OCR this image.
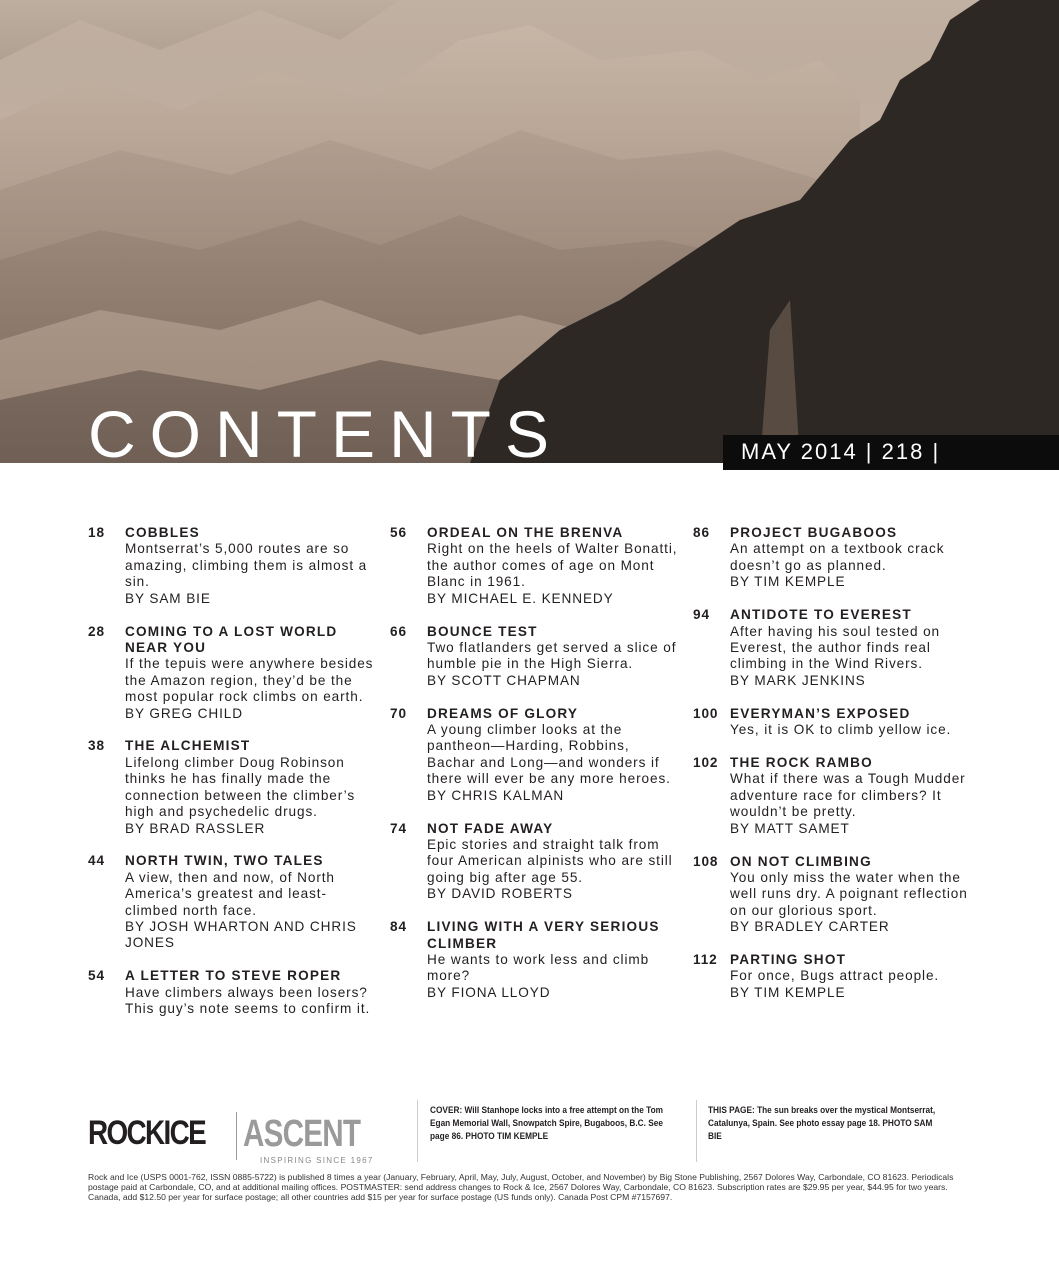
CONTENTS	MAY 2014 | 218 |
18	COBBLES
Montserrat’s 5,000 routes are so amazing, climbing them is almost a sin.
BY SAM BIE
28	COMING TO A LOST WORLD NEAR YOU
If the tepuis were anywhere besides the Amazon region, they’d be the most popular rock climbs on earth.
BY GREG CHILD
38	THE ALCHEMIST
Lifelong climber Doug Robinson thinks he has finally made the connection between the climber’s high and psychedelic drugs.
BY BRAD RASSLER
44	NORTH TWIN, TWO TALES
A view, then and now, of North America’s greatest and least-climbed north face.
BY JOSH WHARTON AND CHRIS JONES
54	A LETTER TO STEVE ROPER
Have climbers always been losers? This guy’s note seems to confirm it.
56	ORDEAL ON THE BRENVA
Right on the heels of Walter Bonatti, the author comes of age on Mont Blanc in 1961.
BY MICHAEL E. KENNEDY
66	BOUNCE TEST
Two flatlanders get served a slice of humble pie in the High Sierra.
BY SCOTT CHAPMAN
70	DREAMS OF GLORY
A young climber looks at the pantheon—Harding, Robbins, Bachar and Long—and wonders if there will ever be any more heroes.
BY CHRIS KALMAN
74	NOT FADE AWAY
Epic stories and straight talk from four American alpinists who are still going big after age 55.
BY DAVID ROBERTS
84	LIVING WITH A VERY SERIOUS CLIMBER
He wants to work less and climb more?
BY FIONA LLOYD
86	PROJECT BUGABOOS
An attempt on a textbook crack doesn’t go as planned.
BY TIM KEMPLE
94	ANTIDOTE TO EVEREST
After having his soul tested on Everest, the author finds real climbing in the Wind Rivers.
BY MARK JENKINS
100 EVERYMAN’S EXPOSED
Yes, it is OK to climb yellow ice.
102 THE ROCK RAMBO
What if there was a Tough Mudder adventure race for climbers? It wouldn’t be pretty.
BY MATT SAMET
108 ON NOT CLIMBING
You only miss the water when the well runs dry. A poignant reflection on our glorious sport.
BY BRADLEY CARTER
112 PARTING SHOT
For once, Bugs attract people.
BY TIM KEMPLE
ROCKICE ASCENT
INSPIRING SINCE 1967
COVER: Will Stanhope locks into a free attempt on the Tom Egan Memorial Wall, Snowpatch Spire, Bugaboos, B.C. See page 86. PHOTO TIM KEMPLE
THIS PAGE: The sun breaks over the mystical Montserrat, Catalunya, Spain. See photo essay page 18. PHOTO SAM BIE
Rock and Ice (USPS 0001-762, ISSN 0885-5722) is published 8 times a year (January, February, April, May, July, August, October, and November) by Big Stone Publishing, 2567 Dolores Way, Carbondale, CO 81623. Periodicals postage paid at Carbondale, CO, and at additional mailing offices. POSTMASTER: send address changes to Rock & Ice, 2567 Dolores Way, Carbondale, CO 81623. Subscription rates are $29.95 per year, $44.95 for two years. Canada, add $12.50 per year for surface postage; all other countries add $15 per year for surface postage (US funds only). Canada Post CPM #7157697.
